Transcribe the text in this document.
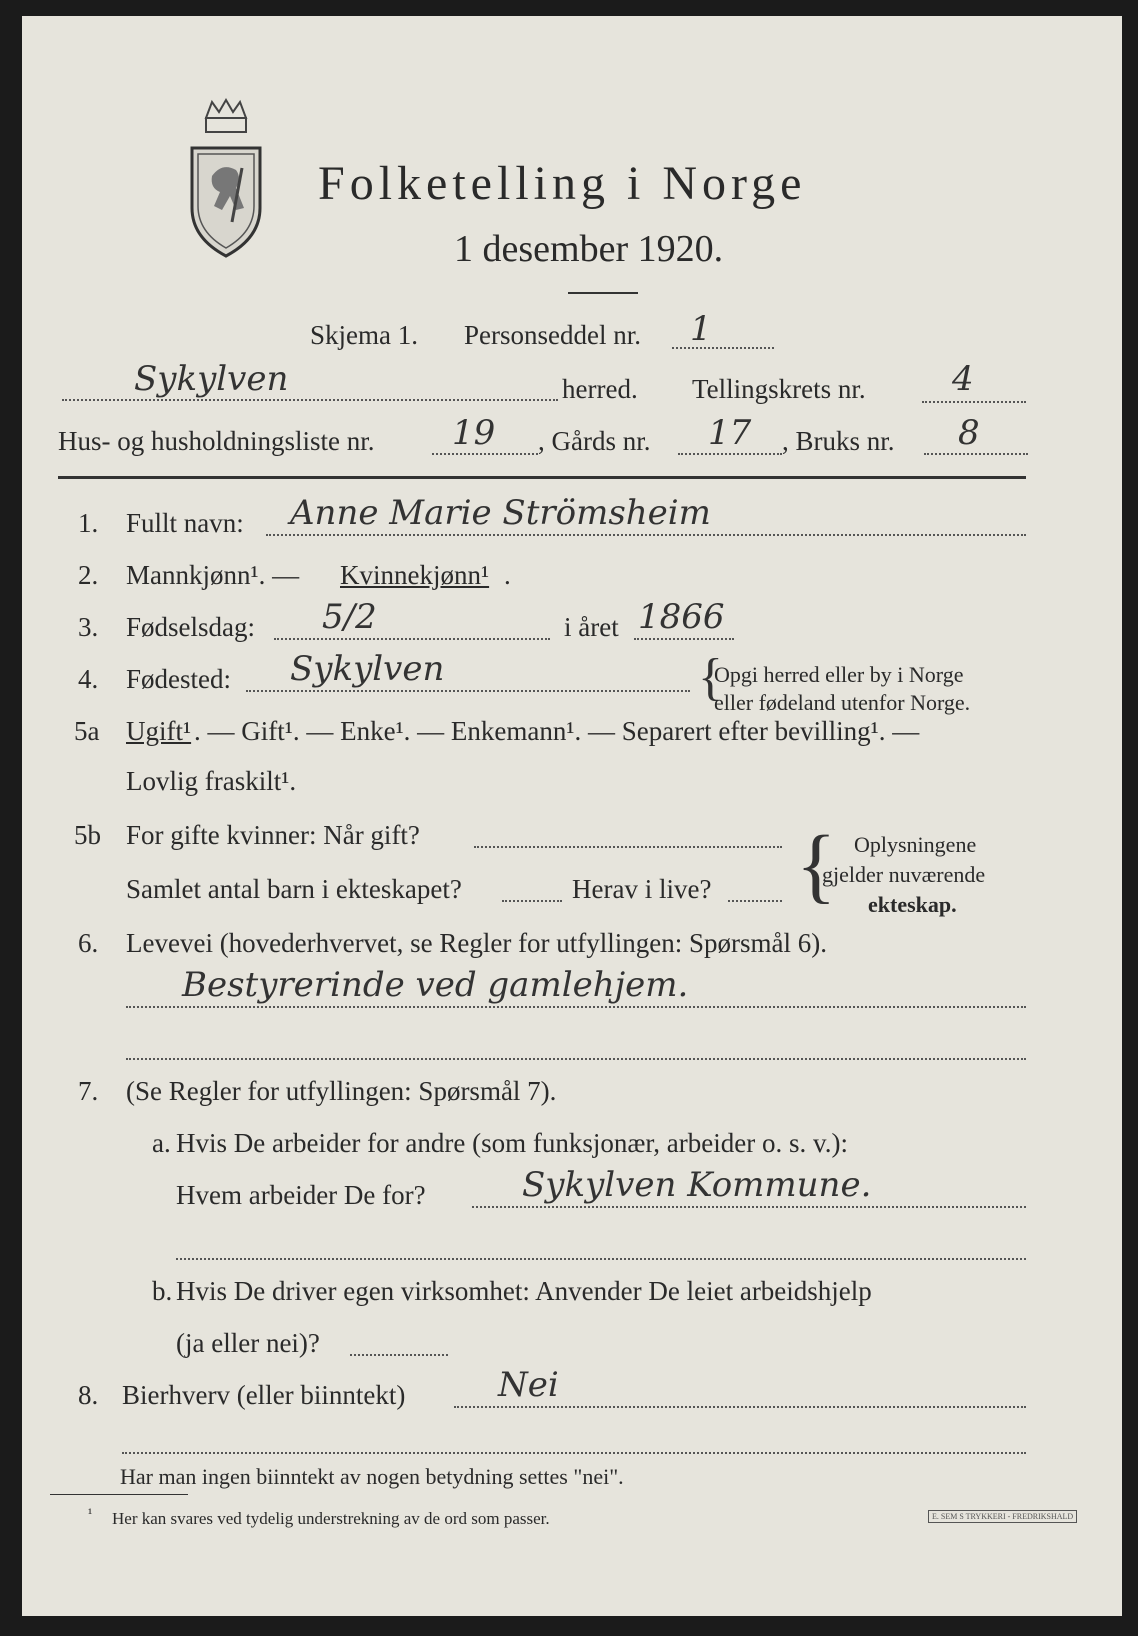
Folketelling i Norge
1 desember 1920.
Skjema 1. Personseddel nr. 1
Sykylven	herred. Tellingskrets nr.	4
Hus- og husholdningsliste nr. 19 , Gårds nr. 17 , Bruks nr. 8
1. Fullt navn: Anne Marie Strömsheim
2. Mannkjønn¹. — Kvinnekjønn¹ .
3. Fødselsdag: 5/2	i året 1866
4. Fødested: Sykylven	{
Opgi herred eller by i Norge
eller fødeland utenfor Norge.
5a Ugift¹ . — Gift¹. — Enke¹. — Enkemann¹. — Separert efter bevilling¹. —
Lovlig fraskilt¹.
5b For gifte kvinner: Når gift?
Samlet antal barn i ekteskapet?	Herav i live? { Oplysningene
gjelder nuværende
ekteskap.
6. Levevei (hovederhvervet, se Regler for utfyllingen: Spørsmål 6).
Bestyrerinde ved gamlehjem.
7. (Se Regler for utfyllingen: Spørsmål 7).
a. Hvis De arbeider for andre (som funksjonær, arbeider o. s. v.):
Hvem arbeider De for?	Sykylven Kommune.
b. Hvis De driver egen virksomhet: Anvender De leiet arbeidshjelp
(ja eller nei)?
8. Bierhverv (eller biinntekt)	Nei
Har man ingen biinntekt av nogen betydning settes "nei".
¹ Her kan svares ved tydelig understrekning av de ord som passer.	E. SEM S TRYKKERI - FREDRIKSHALD
